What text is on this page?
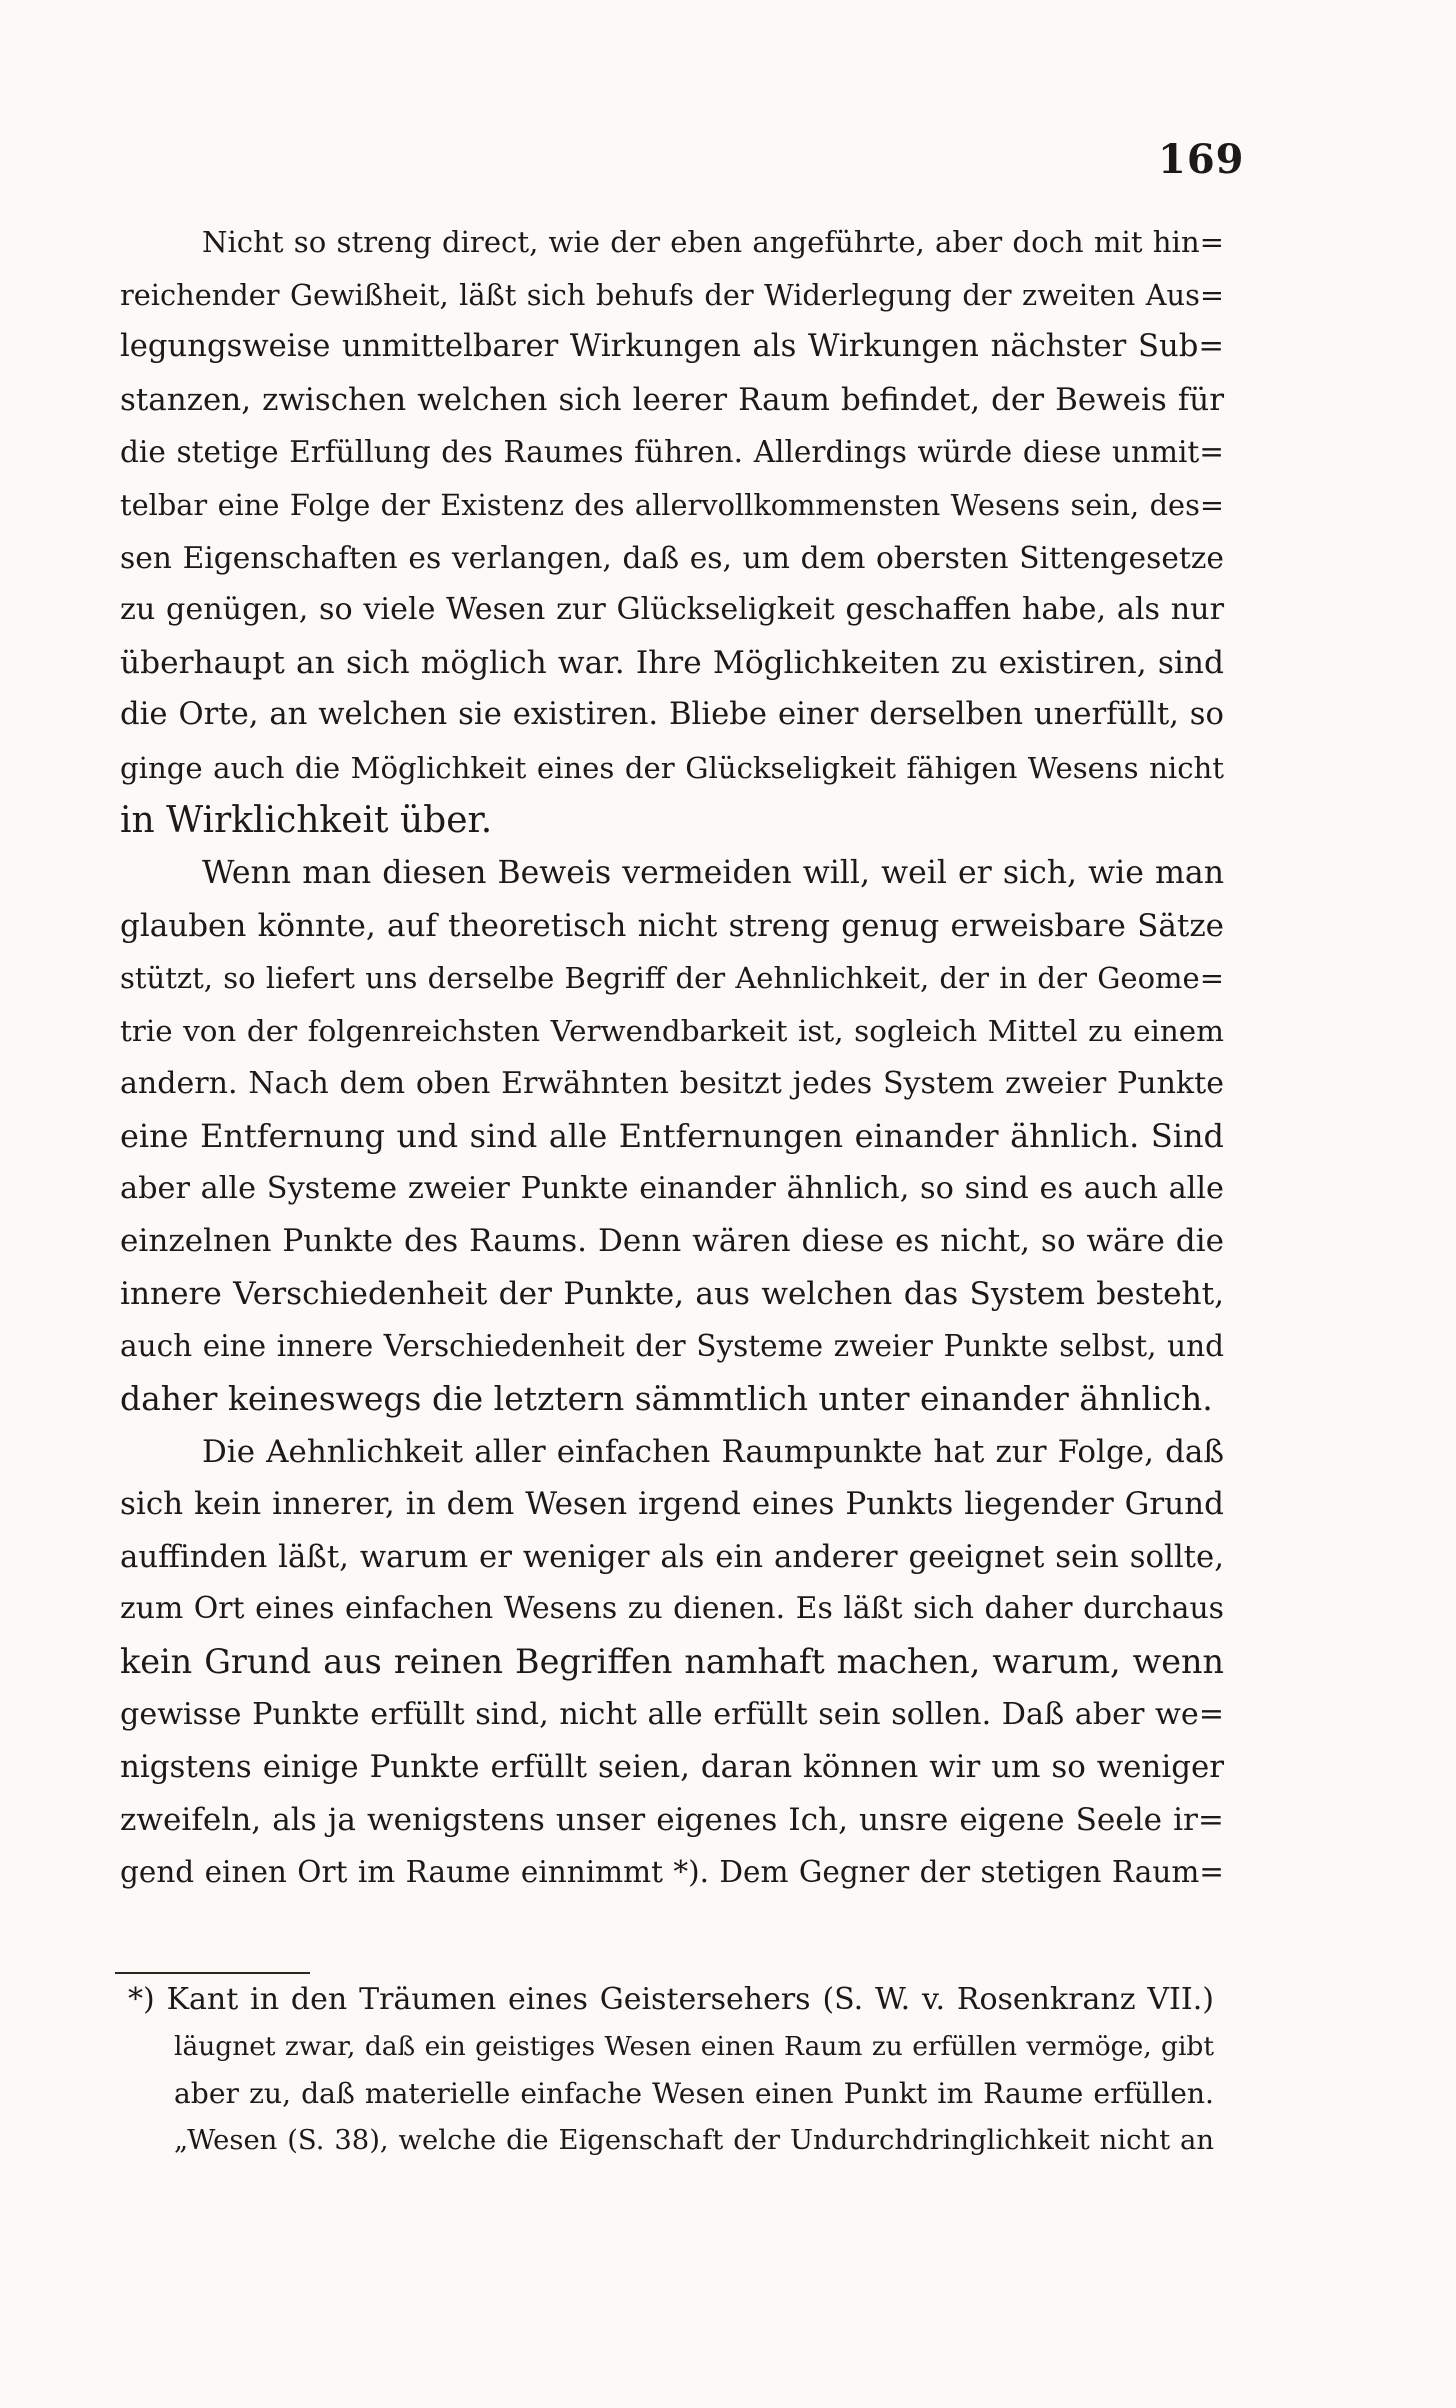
169
Nicht so streng direct, wie der eben angeführte, aber doch mit hin=
reichender Gewißheit, läßt sich behufs der Widerlegung der zweiten Aus=
legungsweise unmittelbarer Wirkungen als Wirkungen nächster Sub=
stanzen, zwischen welchen sich leerer Raum befindet, der Beweis für
die stetige Erfüllung des Raumes führen. Allerdings würde diese unmit=
telbar eine Folge der Existenz des allervollkommensten Wesens sein, des=
sen Eigenschaften es verlangen, daß es, um dem obersten Sittengesetze
zu genügen, so viele Wesen zur Glückseligkeit geschaffen habe, als nur
überhaupt an sich möglich war. Ihre Möglichkeiten zu existiren, sind
die Orte, an welchen sie existiren. Bliebe einer derselben unerfüllt, so
ginge auch die Möglichkeit eines der Glückseligkeit fähigen Wesens nicht
in Wirklichkeit über.
Wenn man diesen Beweis vermeiden will, weil er sich, wie man
glauben könnte, auf theoretisch nicht streng genug erweisbare Sätze
stützt, so liefert uns derselbe Begriff der Aehnlichkeit, der in der Geome=
trie von der folgenreichsten Verwendbarkeit ist, sogleich Mittel zu einem
andern. Nach dem oben Erwähnten besitzt jedes System zweier Punkte
eine Entfernung und sind alle Entfernungen einander ähnlich. Sind
aber alle Systeme zweier Punkte einander ähnlich, so sind es auch alle
einzelnen Punkte des Raums. Denn wären diese es nicht, so wäre die
innere Verschiedenheit der Punkte, aus welchen das System besteht,
auch eine innere Verschiedenheit der Systeme zweier Punkte selbst, und
daher keineswegs die letztern sämmtlich unter einander ähnlich.
Die Aehnlichkeit aller einfachen Raumpunkte hat zur Folge, daß
sich kein innerer, in dem Wesen irgend eines Punkts liegender Grund
auffinden läßt, warum er weniger als ein anderer geeignet sein sollte,
zum Ort eines einfachen Wesens zu dienen. Es läßt sich daher durchaus
kein Grund aus reinen Begriffen namhaft machen, warum, wenn
gewisse Punkte erfüllt sind, nicht alle erfüllt sein sollen. Daß aber we=
nigstens einige Punkte erfüllt seien, daran können wir um so weniger
zweifeln, als ja wenigstens unser eigenes Ich, unsre eigene Seele ir=
gend einen Ort im Raume einnimmt *). Dem Gegner der stetigen Raum=
*) Kant in den Träumen eines Geistersehers (S. W. v. Rosenkranz VII.)
läugnet zwar, daß ein geistiges Wesen einen Raum zu erfüllen vermöge, gibt
aber zu, daß materielle einfache Wesen einen Punkt im Raume erfüllen.
„Wesen (S. 38), welche die Eigenschaft der Undurchdringlichkeit nicht an
